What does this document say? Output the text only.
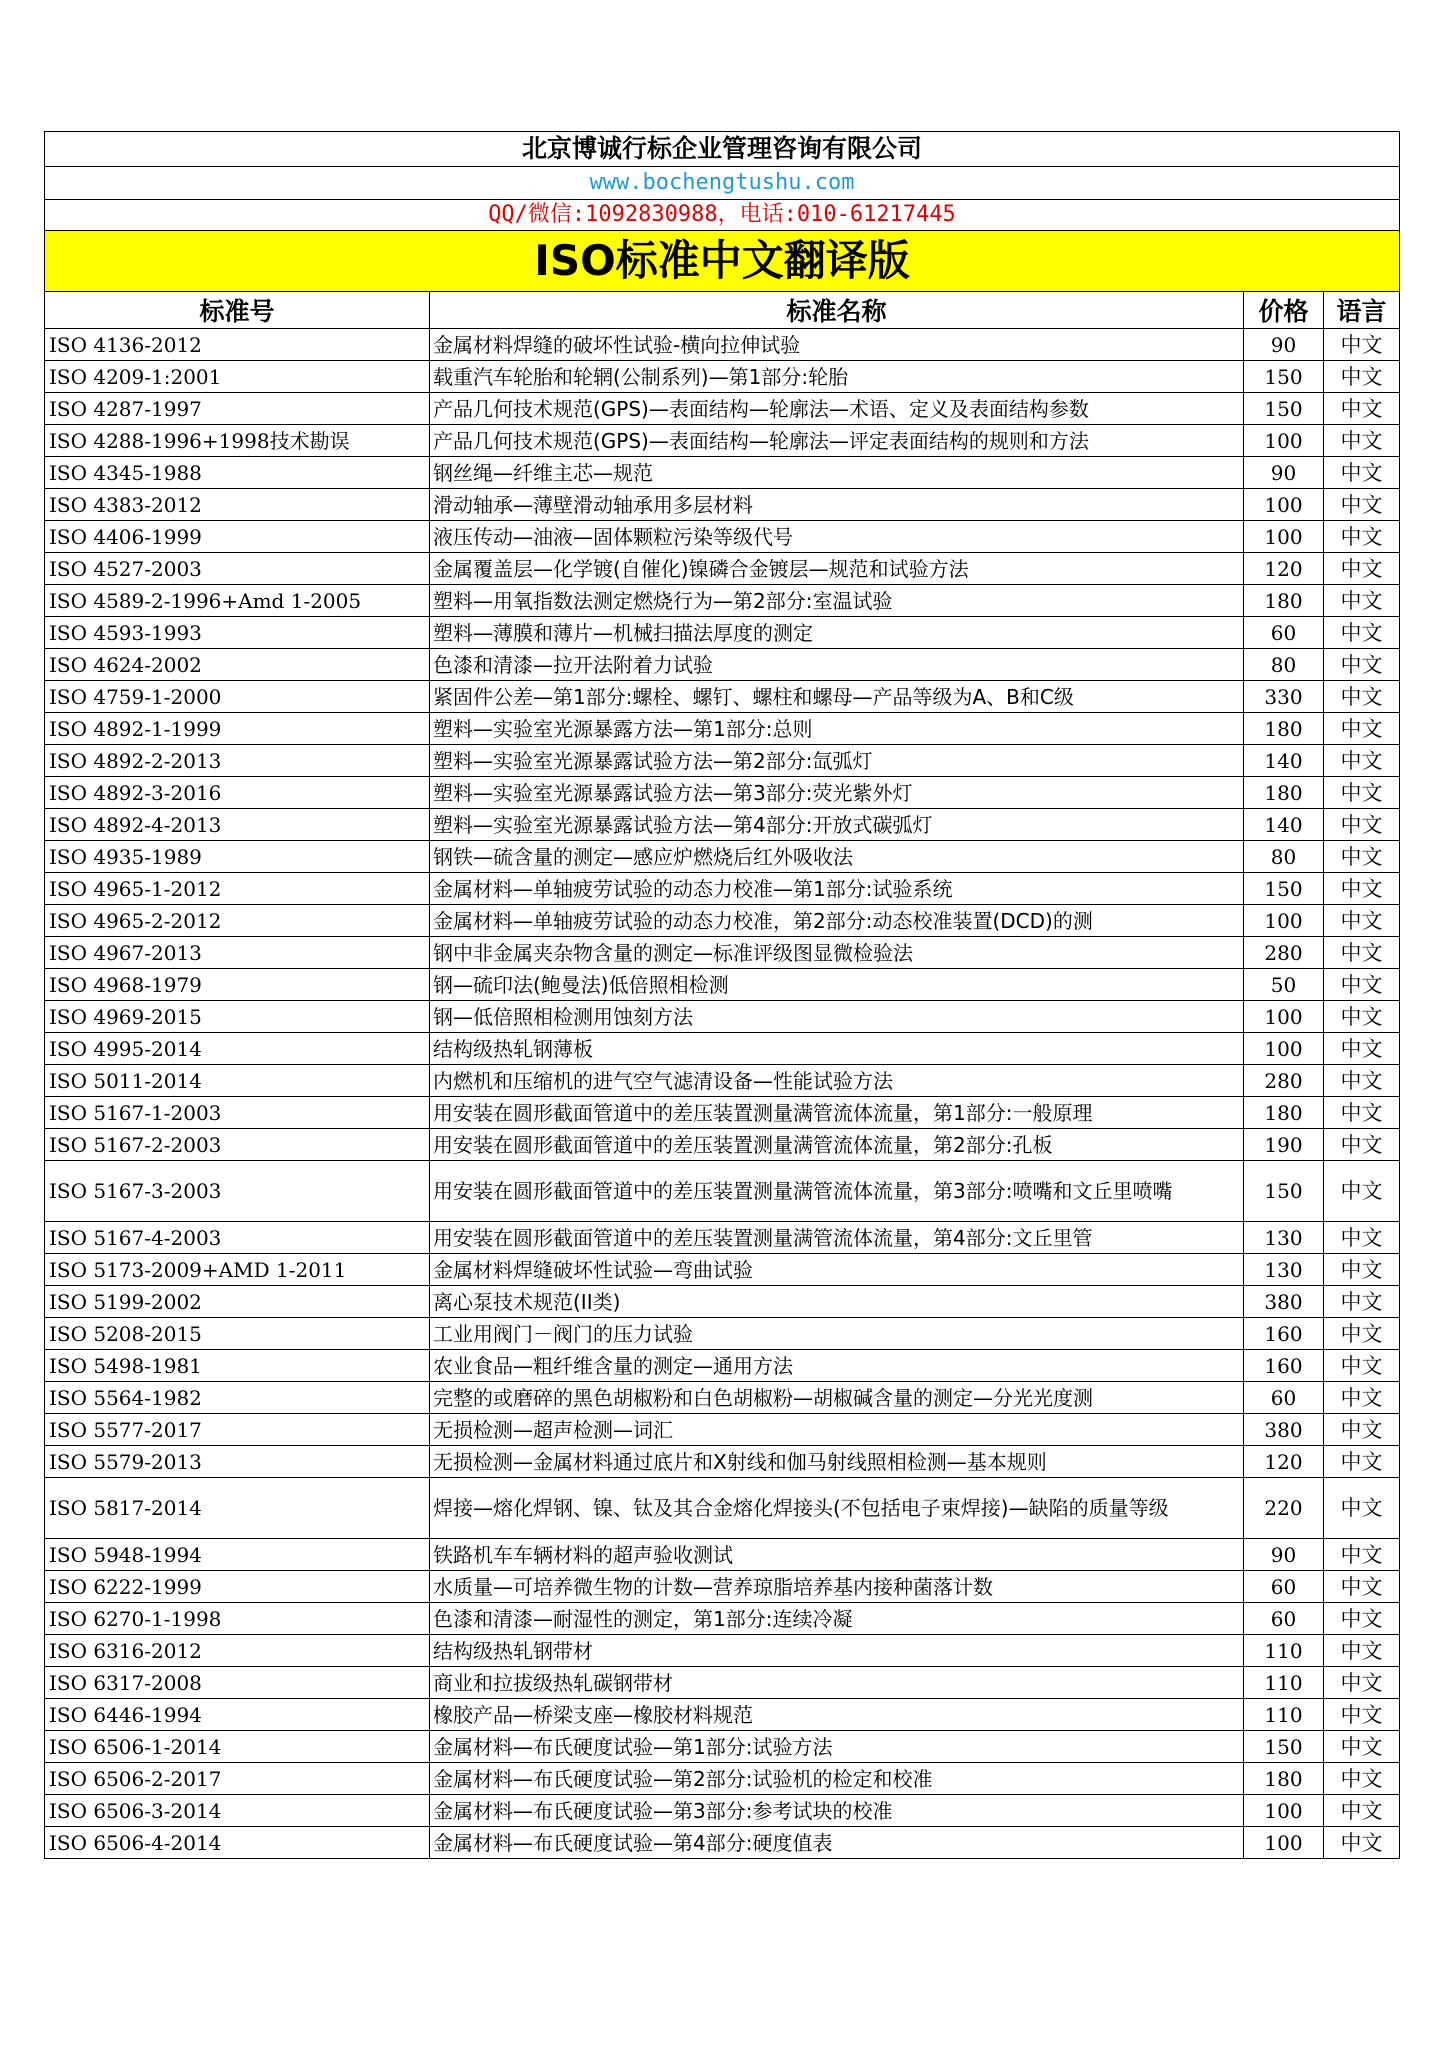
北京博诚行标企业管理咨询有限公司			
www.bochengtushu.com			
QQ/微信:1092830988，电话:010-61217445			
ISO标准中文翻译版			
标准号	标准名称	价格	语言
ISO 4136-2012	金属材料焊缝的破坏性试验-横向拉伸试验	90	中文
ISO 4209-1:2001	载重汽车轮胎和轮辋(公制系列)—第1部分:轮胎	150	中文
ISO 4287-1997	产品几何技术规范(GPS)—表面结构—轮廓法—术语、定义及表面结构参数	150	中文
ISO 4288-1996+1998技术勘误	产品几何技术规范(GPS)—表面结构—轮廓法—评定表面结构的规则和方法	100	中文
ISO 4345-1988	钢丝绳—纤维主芯—规范	90	中文
ISO 4383-2012	滑动轴承—薄壁滑动轴承用多层材料	100	中文
ISO 4406-1999	液压传动—油液—固体颗粒污染等级代号	100	中文
ISO 4527-2003	金属覆盖层—化学镀(自催化)镍磷合金镀层—规范和试验方法	120	中文
ISO 4589-2-1996+Amd 1-2005	塑料—用氧指数法测定燃烧行为—第2部分:室温试验	180	中文
ISO 4593-1993	塑料—薄膜和薄片—机械扫描法厚度的测定	60	中文
ISO 4624-2002	色漆和清漆—拉开法附着力试验	80	中文
ISO 4759-1-2000	紧固件公差—第1部分:螺栓、螺钉、螺柱和螺母—产品等级为A、B和C级	330	中文
ISO 4892-1-1999	塑料—实验室光源暴露方法—第1部分:总则	180	中文
ISO 4892-2-2013	塑料—实验室光源暴露试验方法—第2部分:氙弧灯	140	中文
ISO 4892-3-2016	塑料—实验室光源暴露试验方法—第3部分:荧光紫外灯	180	中文
ISO 4892-4-2013	塑料—实验室光源暴露试验方法—第4部分:开放式碳弧灯	140	中文
ISO 4935-1989	钢铁—硫含量的测定—感应炉燃烧后红外吸收法	80	中文
ISO 4965-1-2012	金属材料—单轴疲劳试验的动态力校准—第1部分:试验系统	150	中文
ISO 4965-2-2012	金属材料—单轴疲劳试验的动态力校准，第2部分:动态校准装置(DCD)的测	100	中文
ISO 4967-2013	钢中非金属夹杂物含量的测定—标准评级图显微检验法	280	中文
ISO 4968-1979	钢—硫印法(鲍曼法)低倍照相检测	50	中文
ISO 4969-2015	钢—低倍照相检测用蚀刻方法	100	中文
ISO 4995-2014	结构级热轧钢薄板	100	中文
ISO 5011-2014	内燃机和压缩机的进气空气滤清设备—性能试验方法	280	中文
ISO 5167-1-2003	用安装在圆形截面管道中的差压装置测量满管流体流量，第1部分:一般原理	180	中文
ISO 5167-2-2003	用安装在圆形截面管道中的差压装置测量满管流体流量，第2部分:孔板	190	中文
ISO 5167-3-2003	用安装在圆形截面管道中的差压装置测量满管流体流量，第3部分:喷嘴和文丘里喷嘴	150	中文
ISO 5167-4-2003	用安装在圆形截面管道中的差压装置测量满管流体流量，第4部分:文丘里管	130	中文
ISO 5173-2009+AMD 1-2011	金属材料焊缝破坏性试验—弯曲试验	130	中文
ISO 5199-2002	离心泵技术规范(II类)	380	中文
ISO 5208-2015	工业用阀门－阀门的压力试验	160	中文
ISO 5498-1981	农业食品—粗纤维含量的测定—通用方法	160	中文
ISO 5564-1982	完整的或磨碎的黑色胡椒粉和白色胡椒粉—胡椒碱含量的测定—分光光度测	60	中文
ISO 5577-2017	无损检测—超声检测—词汇	380	中文
ISO 5579-2013	无损检测—金属材料通过底片和X射线和伽马射线照相检测—基本规则	120	中文
ISO 5817-2014	焊接—熔化焊钢、镍、钛及其合金熔化焊接头(不包括电子束焊接)—缺陷的质量等级	220	中文
ISO 5948-1994	铁路机车车辆材料的超声验收测试	90	中文
ISO 6222-1999	水质量—可培养微生物的计数—营养琼脂培养基内接种菌落计数	60	中文
ISO 6270-1-1998	色漆和清漆—耐湿性的测定，第1部分:连续冷凝	60	中文
ISO 6316-2012	结构级热轧钢带材	110	中文
ISO 6317-2008	商业和拉拔级热轧碳钢带材	110	中文
ISO 6446-1994	橡胶产品—桥梁支座—橡胶材料规范	110	中文
ISO 6506-1-2014	金属材料—布氏硬度试验—第1部分:试验方法	150	中文
ISO 6506-2-2017	金属材料—布氏硬度试验—第2部分:试验机的检定和校准	180	中文
ISO 6506-3-2014	金属材料—布氏硬度试验—第3部分:参考试块的校准	100	中文
ISO 6506-4-2014	金属材料—布氏硬度试验—第4部分:硬度值表	100	中文
